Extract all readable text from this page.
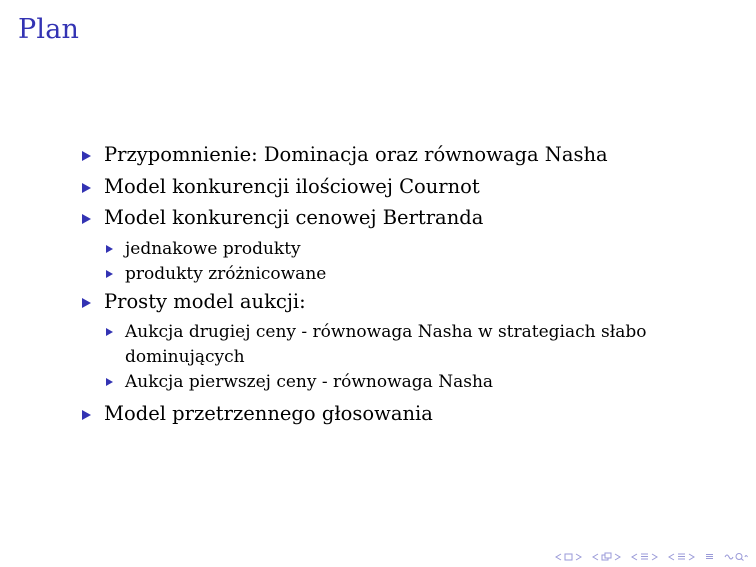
Plan
Przypomnienie: Dominacja oraz równowaga Nasha
Model konkurencji ilościowej Cournot
Model konkurencji cenowej Bertranda
jednakowe produkty
produkty zróżnicowane
Prosty model aukcji:
Aukcja drugiej ceny - równowaga Nasha w strategiach słabo dominujących
Aukcja pierwszej ceny - równowaga Nasha
Model przetrzennego głosowania
